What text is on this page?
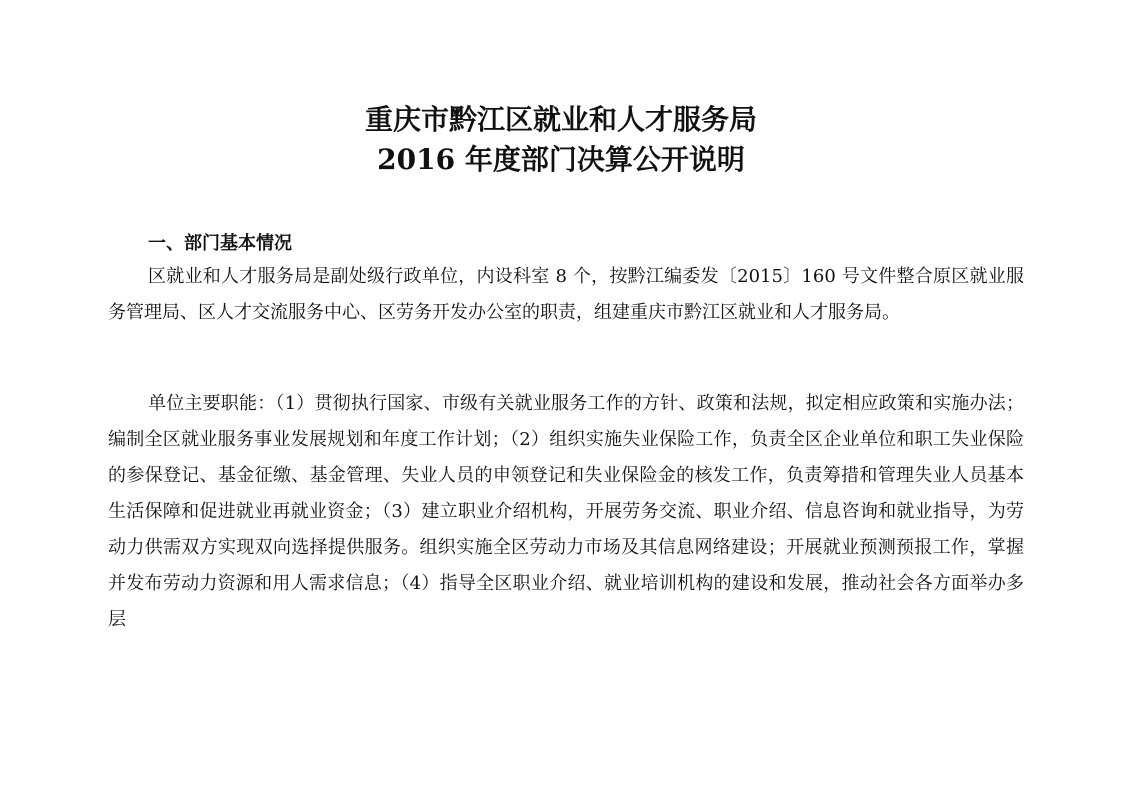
重庆市黔江区就业和人才服务局
2016 年度部门决算公开说明
一、部门基本情况

区就业和人才服务局是副处级行政单位，内设科室 8 个，按黔江编委发〔2015〕160 号文件整合原区就业服务管理局、区人才交流服务中心、区劳务开发办公室的职责，组建重庆市黔江区就业和人才服务局。

单位主要职能：（1）贯彻执行国家、市级有关就业服务工作的方针、政策和法规，拟定相应政策和实施办法；编制全区就业服务事业发展规划和年度工作计划；（2）组织实施失业保险工作，负责全区企业单位和职工失业保险的参保登记、基金征缴、基金管理、失业人员的申领登记和失业保险金的核发工作，负责筹措和管理失业人员基本生活保障和促进就业再就业资金；（3）建立职业介绍机构，开展劳务交流、职业介绍、信息咨询和就业指导，为劳动力供需双方实现双向选择提供服务。组织实施全区劳动力市场及其信息网络建设；开展就业预测预报工作，掌握并发布劳动力资源和用人需求信息；（4）指导全区职业介绍、就业培训机构的建设和发展，推动社会各方面举办多层
